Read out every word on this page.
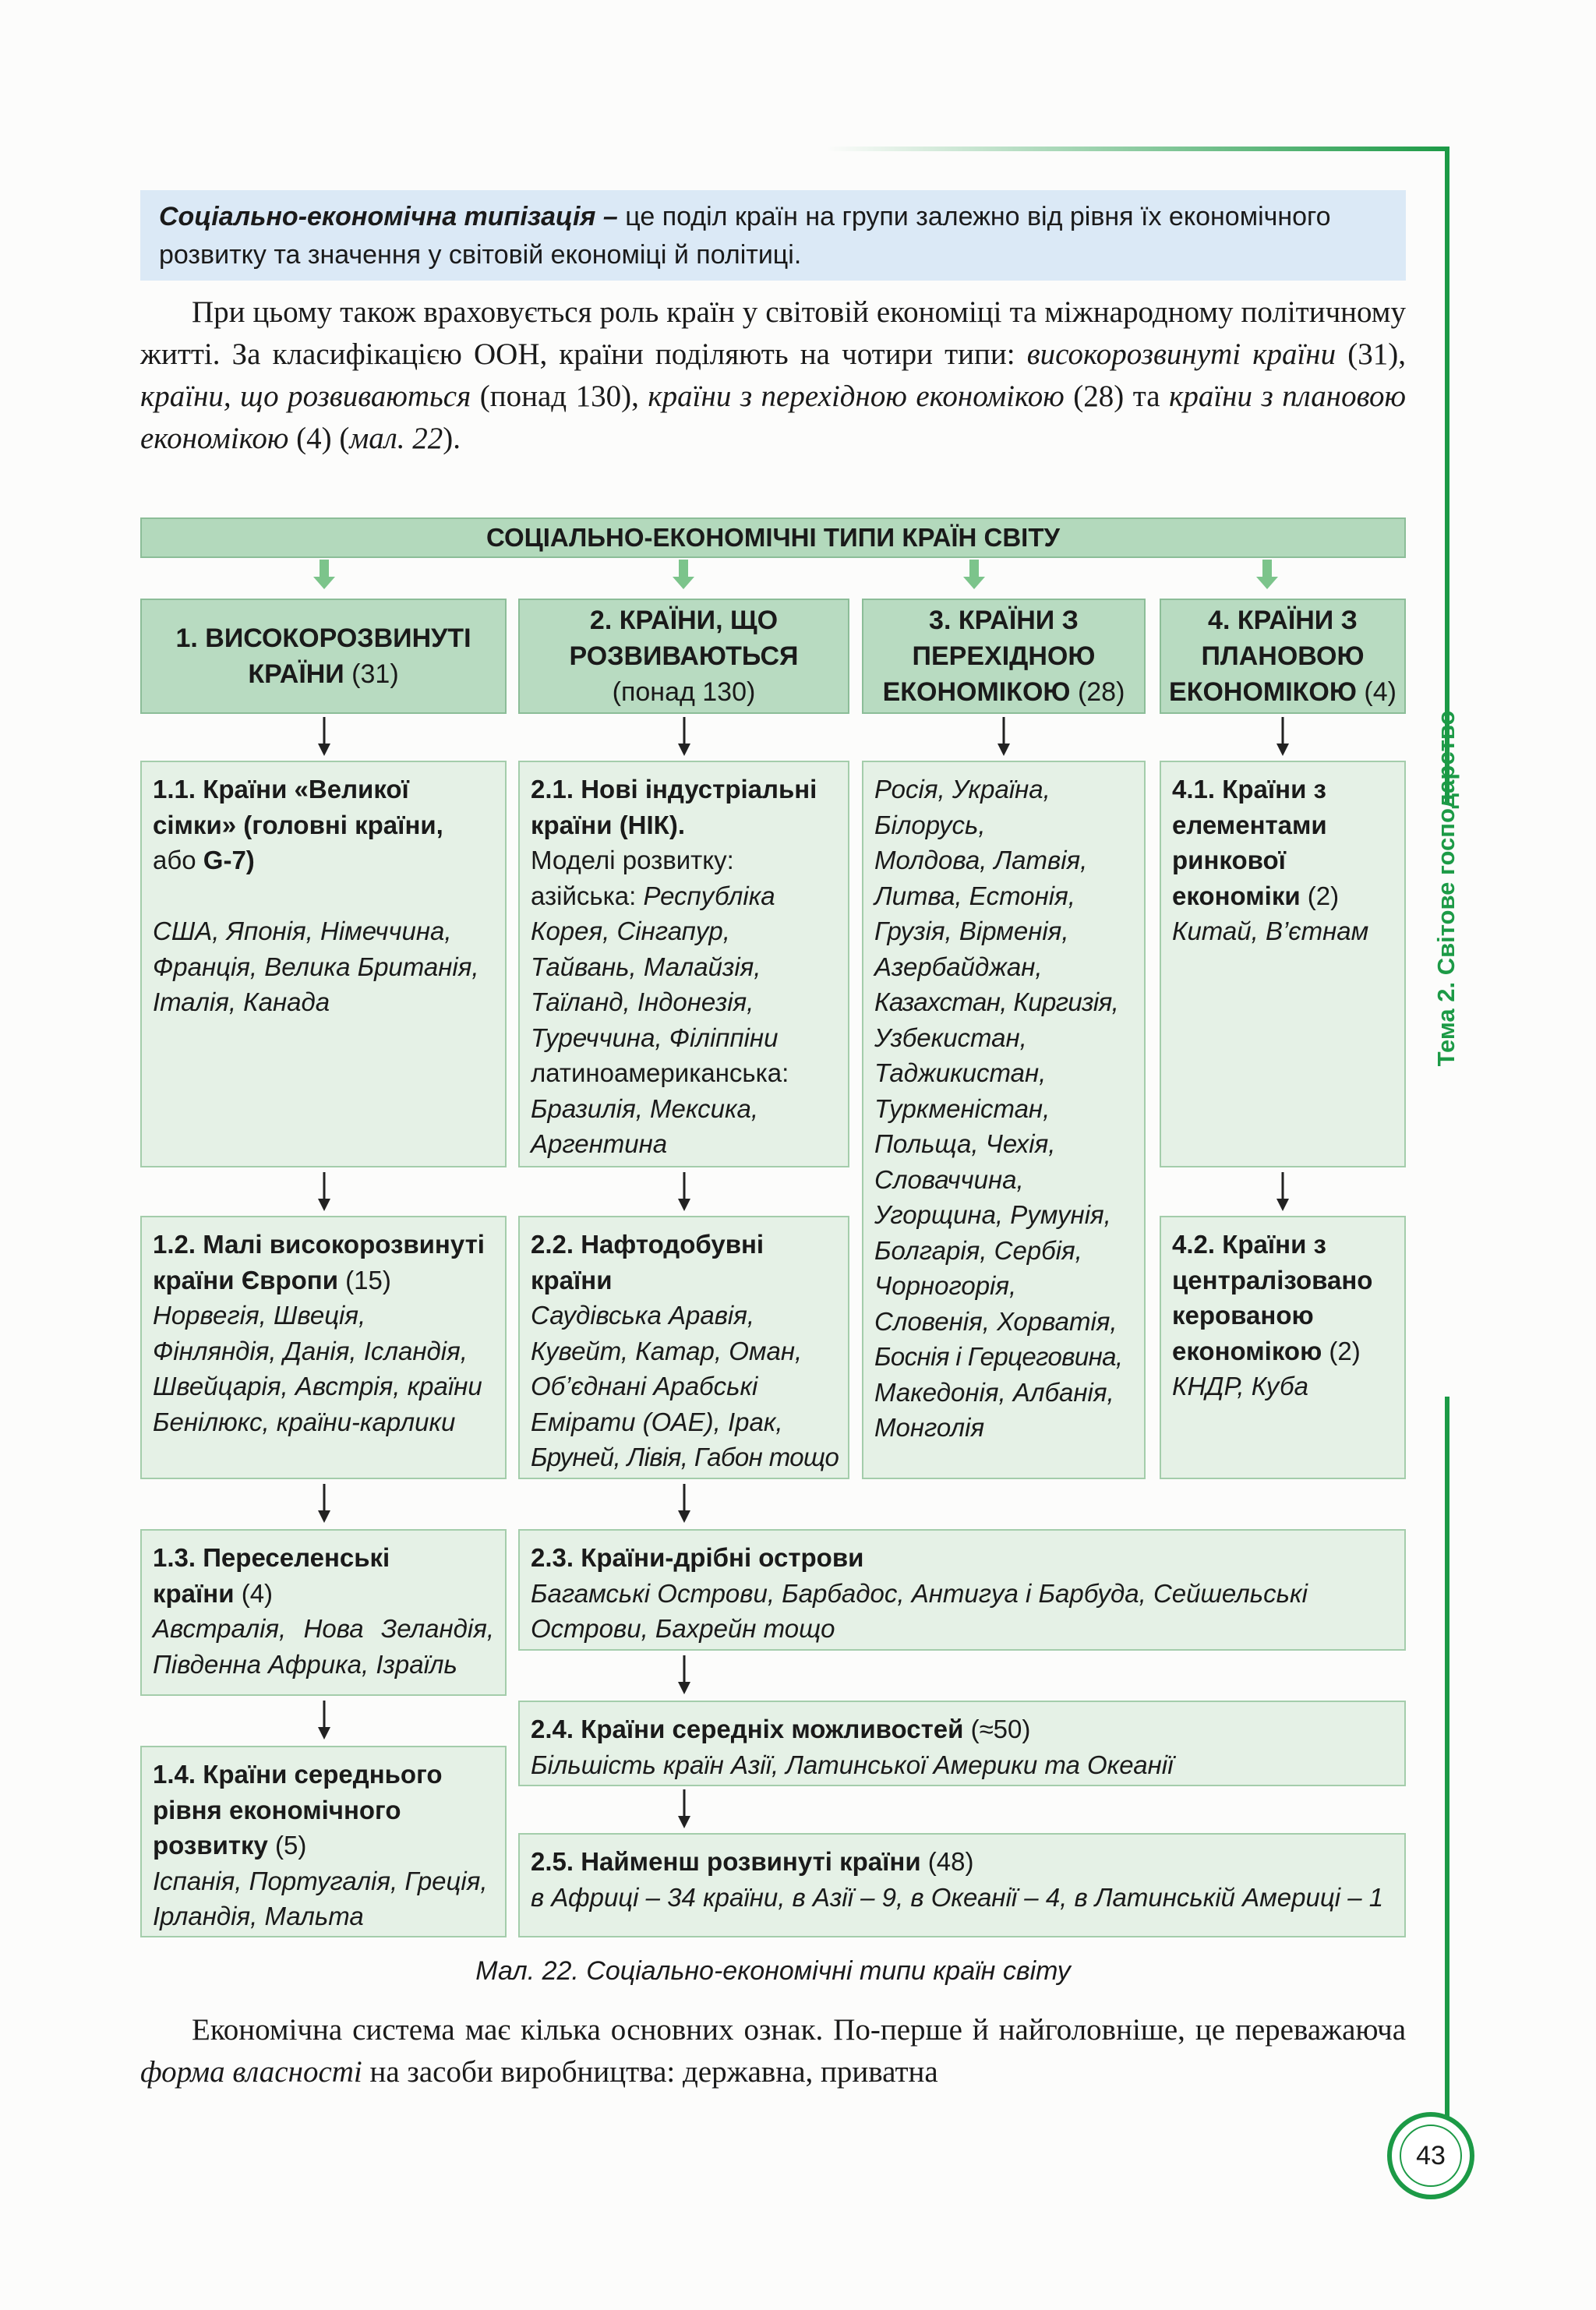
Тема 2. Світове господарство
43
Соціально-економічна типізація – це поділ країн на групи залежно від рівня їх економічного розвитку та значення у світовій економіці й політиці.
При цьому також враховується роль країн у світовій економіці та міжнародному політичному житті. За класифікацією ООН, країни поділяють на чотири типи: високорозвинуті країни (31), країни, що розвиваються (понад 130), країни з перехідною економікою (28) та країни з плановою економікою (4) (мал. 22).
СОЦІАЛЬНО-ЕКОНОМІЧНІ ТИПИ КРАЇН СВІТУ
1. ВИСОКОРОЗВИНУТІ
КРАЇНИ (31)
2. КРАЇНИ, ЩО
РОЗВИВАЮТЬСЯ
(понад 130)
3. КРАЇНИ З
ПЕРЕХІДНОЮ
ЕКОНОМІКОЮ (28)
4. КРАЇНИ З
ПЛАНОВОЮ
ЕКОНОМІКОЮ (4)

1.1. Країни «Великої

сімки» (головні країни,

або G-7)

США, Японія, Німеччина,

Франція, Велика Британія,

Італія, Канада

1.2. Малі високорозвинуті

країни Європи (15)

Норвегія, Швеція,

Фінляндія, Данія, Ісландія,

Швейцарія, Австрія, країни

Бенілюкс, країни-карлики

1.3. Переселенські

країни (4)

Австралія, Нова Зеландія,

Південна Африка, Ізраїль

1.4. Країни середнього

рівня економічного

розвитку (5)

Іспанія, Португалія, Греція,

Ірландія, Мальта

2.1. Нові індустріальні

країни (НІК).

Моделі розвитку:

азійська: Республіка

Корея, Сінгапур,

Тайвань, Малайзія,

Таїланд, Індонезія,

Туреччина, Філіппіни

латиноамериканська:

Бразилія, Мексика,

Аргентина

2.2. Нафтодобувні

країни

Саудівська Аравія,

Кувейт, Катар, Оман,

Об’єднані Арабські

Емірати (ОАЕ), Ірак,

Бруней, Лівія, Габон тощо

Росія, Україна,

Білорусь,

Молдова, Латвія,

Литва, Естонія,

Грузія, Вірменія,

Азербайджан,

Казахстан, Киргизія,

Узбекистан,

Таджикистан,

Туркменістан,

Польща, Чехія,

Словаччина,

Угорщина, Румунія,

Болгарія, Сербія,

Чорногорія,

Словенія, Хорватія,

Боснія і Герцеговина,

Македонія, Албанія,

Монголія

4.1. Країни з

елементами

ринкової

економіки (2)

Китай, В’єтнам

4.2. Країни з

централізовано

керованою

економікою (2)

КНДР, Куба

2.3. Країни-дрібні острови

Багамські Острови, Барбадос, Антигуа і Барбуда, Сейшельські

Острови, Бахрейн тощо

2.4. Країни середніх можливостей (≈50)

Більшість країн Азії, Латинської Америки та Океанії

2.5. Найменш розвинуті країни (48)

в Африці – 34 країни, в Азії – 9, в Океанії – 4, в Латинській Америці – 1

Мал. 22. Соціально-економічні типи країн світу
Економічна система має кілька основних ознак. По-перше й найголовніше, це переважаюча форма власності на засоби виробництва: державна, приватна
